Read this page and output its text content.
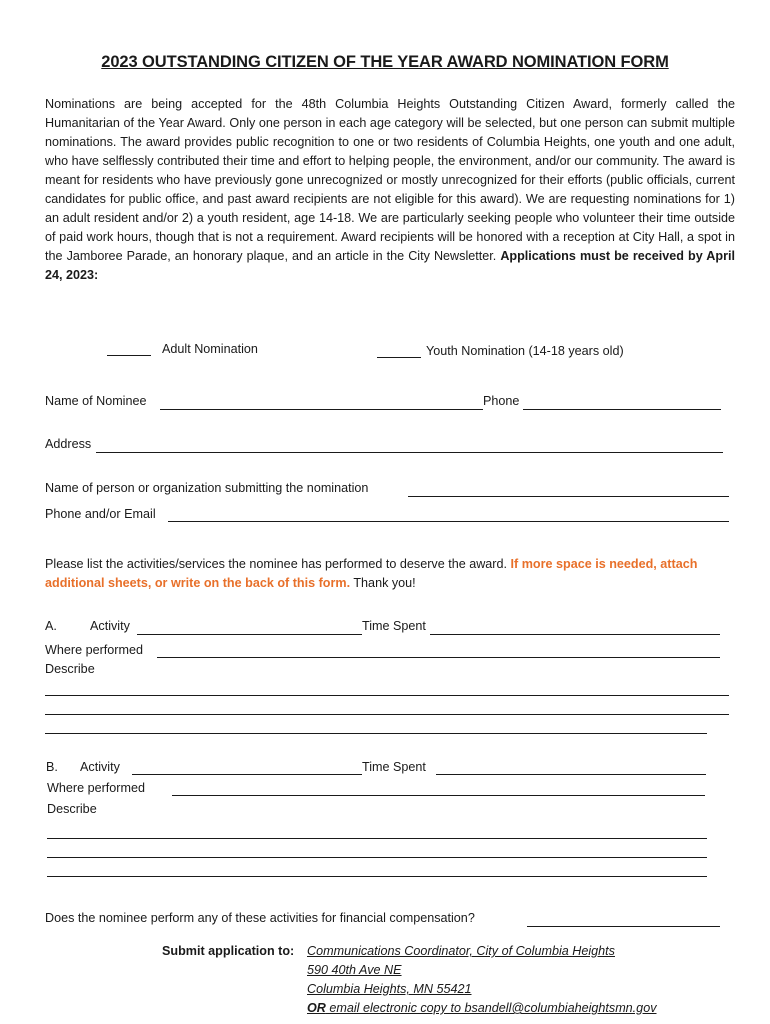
2023 OUTSTANDING CITIZEN OF THE YEAR AWARD NOMINATION FORM
Nominations are being accepted for the 48th Columbia Heights Outstanding Citizen Award, formerly called the Humanitarian of the Year Award. Only one person in each age category will be selected, but one person can submit multiple nominations. The award provides public recognition to one or two residents of Columbia Heights, one youth and one adult, who have selflessly contributed their time and effort to helping people, the environment, and/or our community. The award is meant for residents who have previously gone unrecognized or mostly unrecognized for their efforts (public officials, current candidates for public office, and past award recipients are not eligible for this award). We are requesting nominations for 1) an adult resident and/or 2) a youth resident, age 14-18. We are particularly seeking people who volunteer their time outside of paid work hours, though that is not a requirement. Award recipients will be honored with a reception at City Hall, a spot in the Jamboree Parade, an honorary plaque, and an article in the City Newsletter. Applications must be received by April 24, 2023:
Adult Nomination	Youth Nomination (14-18 years old)
Name of Nominee	Phone
Address
Name of person or organization submitting the nomination
Phone and/or Email
Please list the activities/services the nominee has performed to deserve the award. If more space is needed, attach additional sheets, or write on the back of this form. Thank you!
A.	Activity	Time Spent
Where performed
Describe
B. Activity	Time Spent
Where performed
Describe
Does the nominee perform any of these activities for financial compensation?
Submit application to: Communications Coordinator, City of Columbia Heights
590 40th Ave NE
Columbia Heights, MN 55421
OR email electronic copy to bsandell@columbiaheightsmn.gov
